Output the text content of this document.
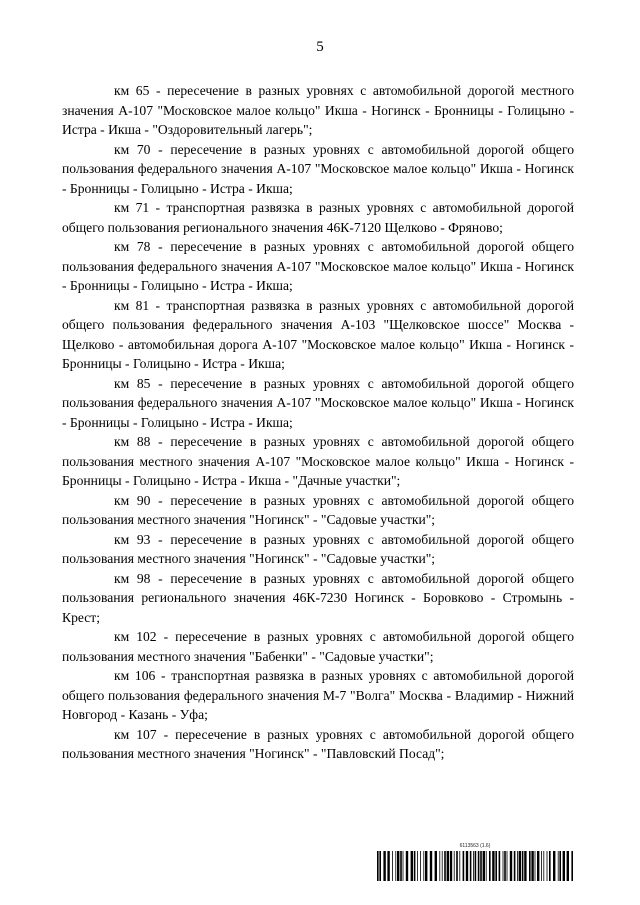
5

км 65 - пересечение в разных уровнях с автомобильной дорогой местного значения А-107 "Московское малое кольцо" Икша - Ногинск - Бронницы - Голицыно - Истра - Икша - "Оздоровительный лагерь";

км 70 - пересечение в разных уровнях с автомобильной дорогой общего пользования федерального значения А-107 "Московское малое кольцо" Икша - Ногинск - Бронницы - Голицыно - Истра - Икша;

км 71 - транспортная развязка в разных уровнях с автомобильной дорогой общего пользования регионального значения 46К-7120 Щелково - Фряново;

км 78 - пересечение в разных уровнях с автомобильной дорогой общего пользования федерального значения А-107 "Московское малое кольцо" Икша - Ногинск - Бронницы - Голицыно - Истра - Икша;

км 81 - транспортная развязка в разных уровнях с автомобильной дорогой общего пользования федерального значения А-103 "Щелковское шоссе" Москва - Щелково - автомобильная дорога А-107 "Московское малое кольцо" Икша - Ногинск - Бронницы - Голицыно - Истра - Икша;

км 85 - пересечение в разных уровнях с автомобильной дорогой общего пользования федерального значения А-107 "Московское малое кольцо" Икша - Ногинск - Бронницы - Голицыно - Истра - Икша;

км 88 - пересечение в разных уровнях с автомобильной дорогой общего пользования местного значения А-107 "Московское малое кольцо" Икша - Ногинск - Бронницы - Голицыно - Истра - Икша - "Дачные участки";

км 90 - пересечение в разных уровнях с автомобильной дорогой общего пользования местного значения "Ногинск" - "Садовые участки";

км 93 - пересечение в разных уровнях с автомобильной дорогой общего пользования местного значения "Ногинск" - "Садовые участки";

км 98 - пересечение в разных уровнях с автомобильной дорогой общего пользования регионального значения 46К-7230 Ногинск - Боровково - Стромынь - Крест;

км 102 - пересечение в разных уровнях с автомобильной дорогой общего пользования местного значения "Бабенки" - "Садовые участки";

км 106 - транспортная развязка в разных уровнях с автомобильной дорогой общего пользования федерального значения М-7 "Волга" Москва - Владимир - Нижний Новгород - Казань - Уфа;

км 107 - пересечение в разных уровнях с автомобильной дорогой общего пользования местного значения "Ногинск" - "Павловский Посад";

6113563 (1.6)
